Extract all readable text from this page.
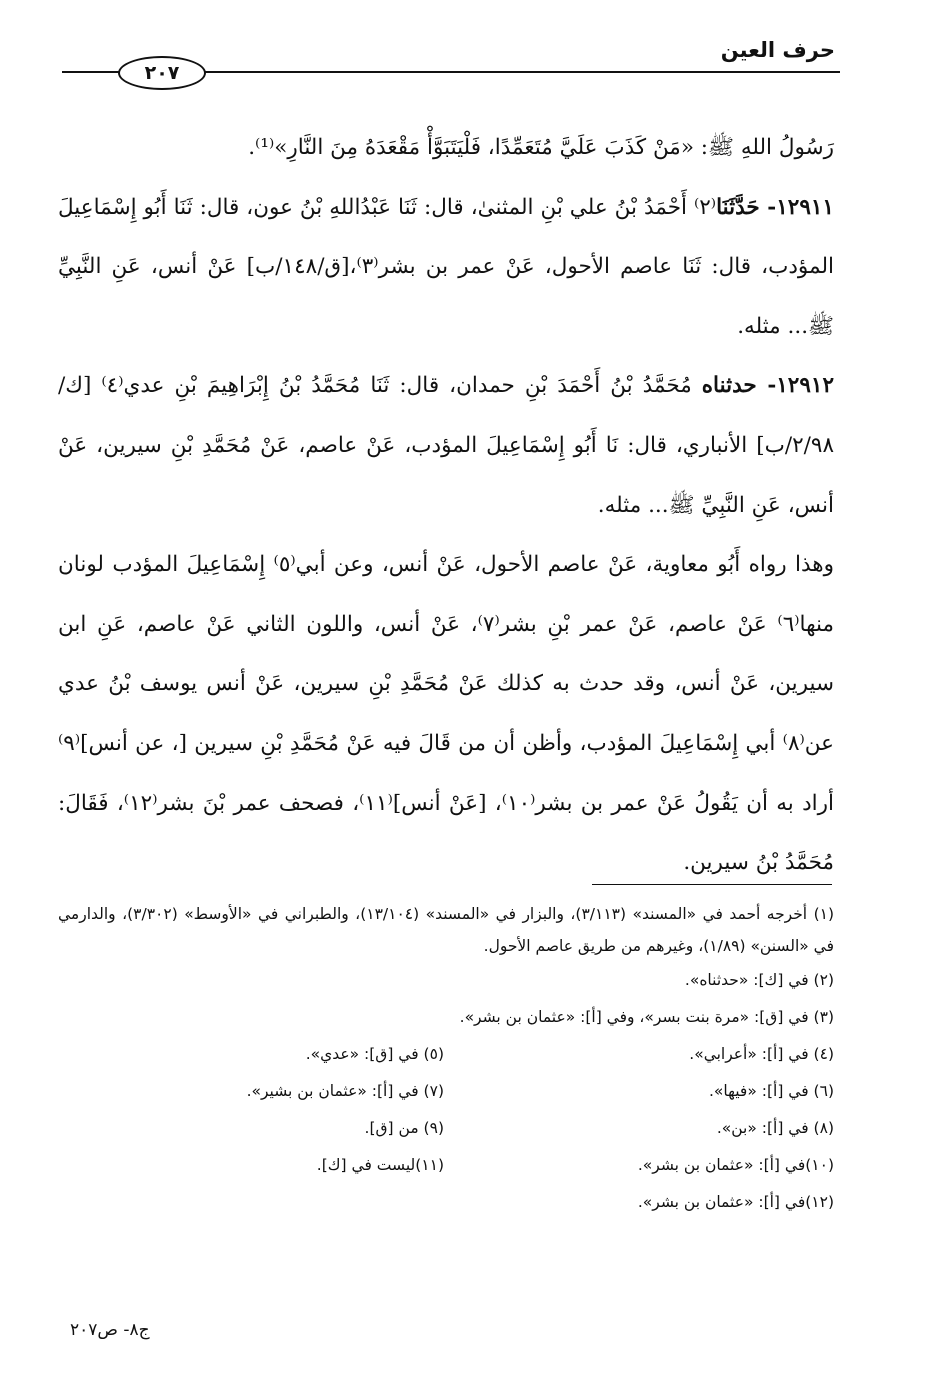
حرف العين
٢٠٧

رَسُولُ اللهِ ﷺ: «مَنْ كَذَبَ عَلَيَّ مُتَعَمِّدًا، فَلْيَتَبَوَّأْ مَقْعَدَهُ مِنَ النَّارِ»⁽¹⁾.

١٢٩١١- حَدَّثَنَا⁽٢⁾ أَحْمَدُ بْنُ علي بْنِ المثنىٰ، قال: ثَنَا عَبْدُاللهِ بْنُ عون، قال: ثَنَا أَبُو إِسْمَاعِيلَ المؤدب، قال: ثَنَا عاصم الأحول، عَنْ عمر بن بشر⁽٣⁾،[ق/١٤٨/ب] عَنْ أنس، عَنِ النَّبِيِّ ﷺ... مثله.

١٢٩١٢- حدثناه مُحَمَّدُ بْنُ أَحْمَدَ بْنِ حمدان، قال: ثَنَا مُحَمَّدُ بْنُ إِبْرَاهِيمَ بْنِ عدي⁽٤⁾ [ك/٢/٩٨/ب] الأنباري، قال: نَا أَبُو إِسْمَاعِيلَ المؤدب، عَنْ عاصم، عَنْ مُحَمَّدِ بْنِ سيرين، عَنْ أنس، عَنِ النَّبِيِّ ﷺ... مثله.

وهذا رواه أَبُو معاوية، عَنْ عاصم الأحول، عَنْ أنس، وعن أبي⁽٥⁾ إِسْمَاعِيلَ المؤدب لونان منها⁽٦⁾ عَنْ عاصم، عَنْ عمر بْنِ بشر⁽٧⁾، عَنْ أنس، واللون الثاني عَنْ عاصم، عَنِ ابن سيرين، عَنْ أنس، وقد حدث به كذلك عَنْ مُحَمَّدِ بْنِ سيرين، عَنْ أنس يوسف بْنُ عدي عن⁽٨⁾ أبي إِسْمَاعِيلَ المؤدب، وأظن أن من قَالَ فيه عَنْ مُحَمَّدِ بْنِ سيرين [، عن أنس]⁽٩⁾ أراد به أن يَقُولُ عَنْ عمر بن بشر⁽١٠⁾، [عَنْ أنس]⁽١١⁾، فصحف عمر بْنَ بشر⁽١٢⁾، فَقَالَ: مُحَمَّدُ بْنُ سيرين.

(١) أخرجه أحمد في «المسند» (٣/١١٣)، والبزار في «المسند» (١٣/١٠٤)، والطبراني في «الأوسط» (٣/٣٠٢)، والدارمي في «السنن» (١/٨٩)، وغيرهم من طريق عاصم الأحول.
(٢) في [ك]: «حدثناه».
(٣) في [ق]: «مرة بنت بسر»، وفي [أ]: «عثمان بن بشر».
(٤) في [أ]: «أعرابي».
(٥) في [ق]: «عدي».
(٦) في [أ]: «فيها».
(٧) في [أ]: «عثمان بن بشير».
(٨) في [أ]: «بن».
(٩) من [ق].
(١٠)في [أ]: «عثمان بن بشر».
(١١)ليست في [ك].
(١٢)في [أ]: «عثمان بن بشر».
ج٨- ص٢٠٧
